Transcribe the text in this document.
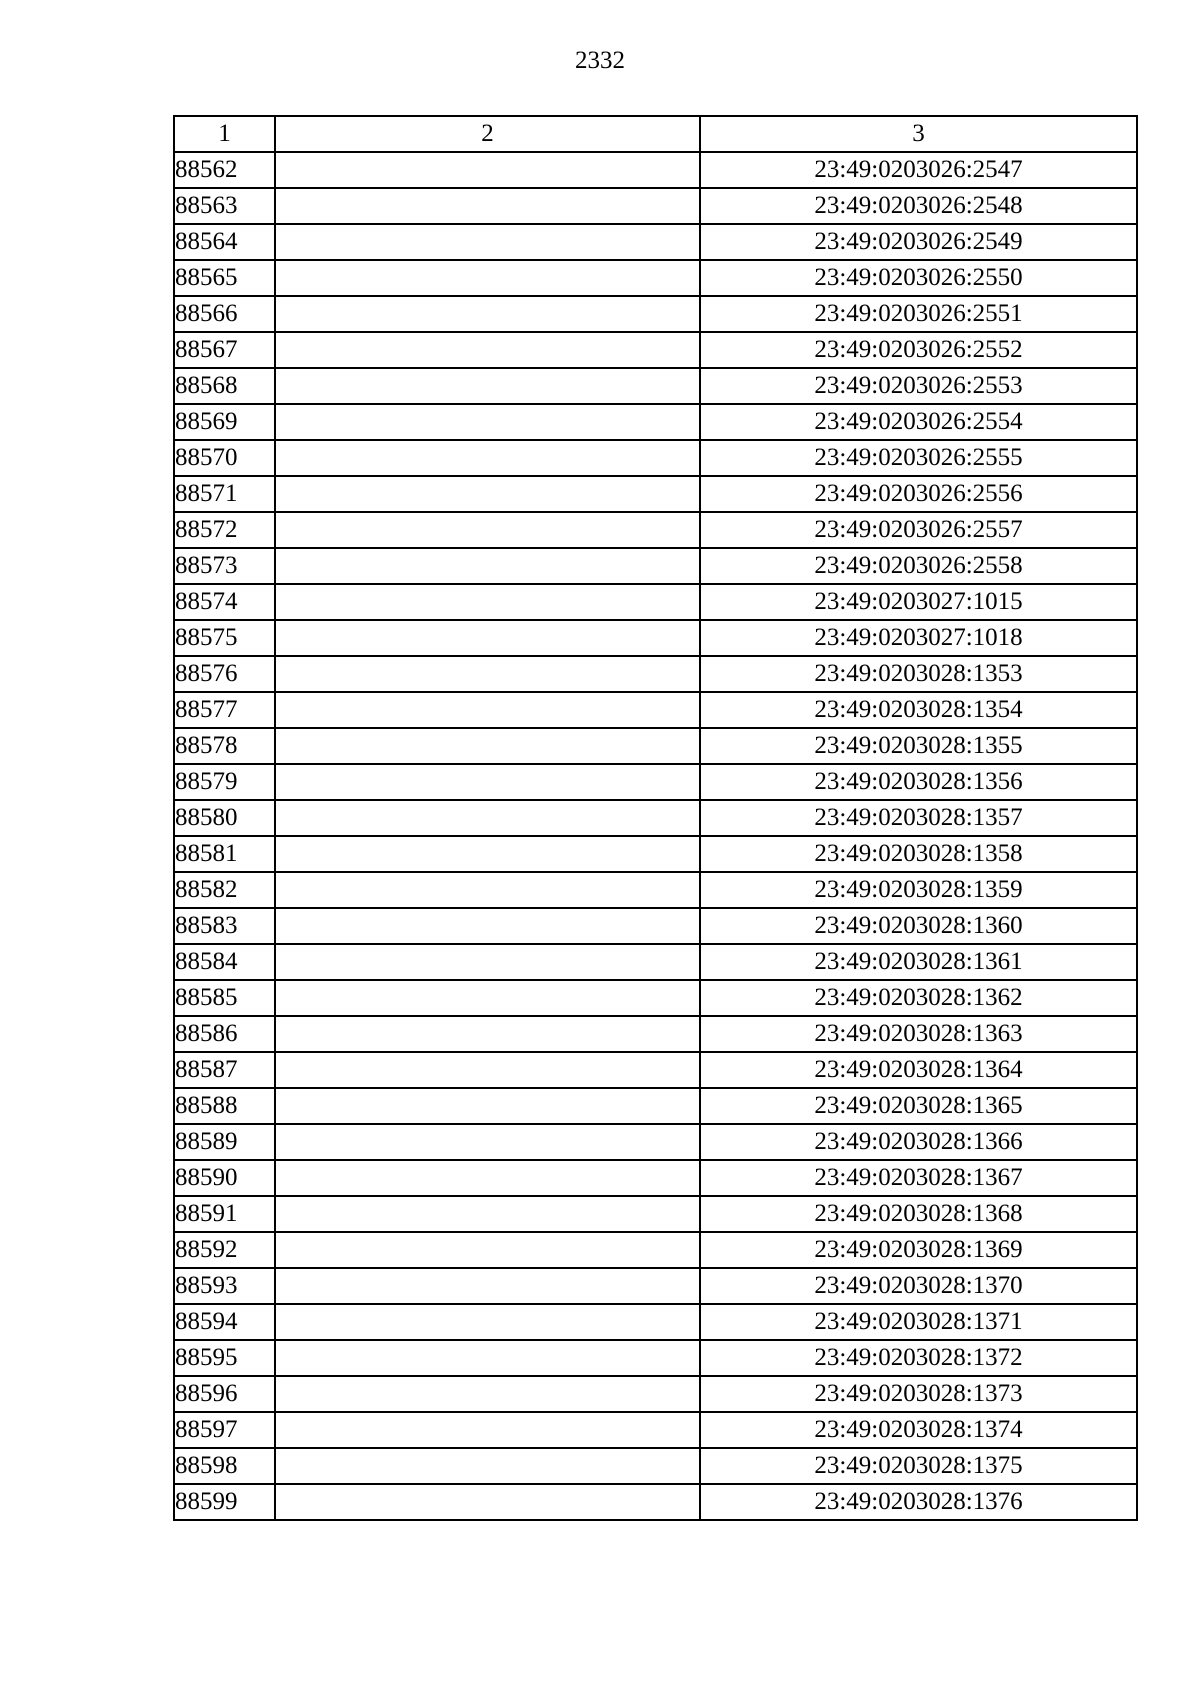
2332
1	2	3
88562		23:49:0203026:2547
88563		23:49:0203026:2548
88564		23:49:0203026:2549
88565		23:49:0203026:2550
88566		23:49:0203026:2551
88567		23:49:0203026:2552
88568		23:49:0203026:2553
88569		23:49:0203026:2554
88570		23:49:0203026:2555
88571		23:49:0203026:2556
88572		23:49:0203026:2557
88573		23:49:0203026:2558
88574		23:49:0203027:1015
88575		23:49:0203027:1018
88576		23:49:0203028:1353
88577		23:49:0203028:1354
88578		23:49:0203028:1355
88579		23:49:0203028:1356
88580		23:49:0203028:1357
88581		23:49:0203028:1358
88582		23:49:0203028:1359
88583		23:49:0203028:1360
88584		23:49:0203028:1361
88585		23:49:0203028:1362
88586		23:49:0203028:1363
88587		23:49:0203028:1364
88588		23:49:0203028:1365
88589		23:49:0203028:1366
88590		23:49:0203028:1367
88591		23:49:0203028:1368
88592		23:49:0203028:1369
88593		23:49:0203028:1370
88594		23:49:0203028:1371
88595		23:49:0203028:1372
88596		23:49:0203028:1373
88597		23:49:0203028:1374
88598		23:49:0203028:1375
88599		23:49:0203028:1376
